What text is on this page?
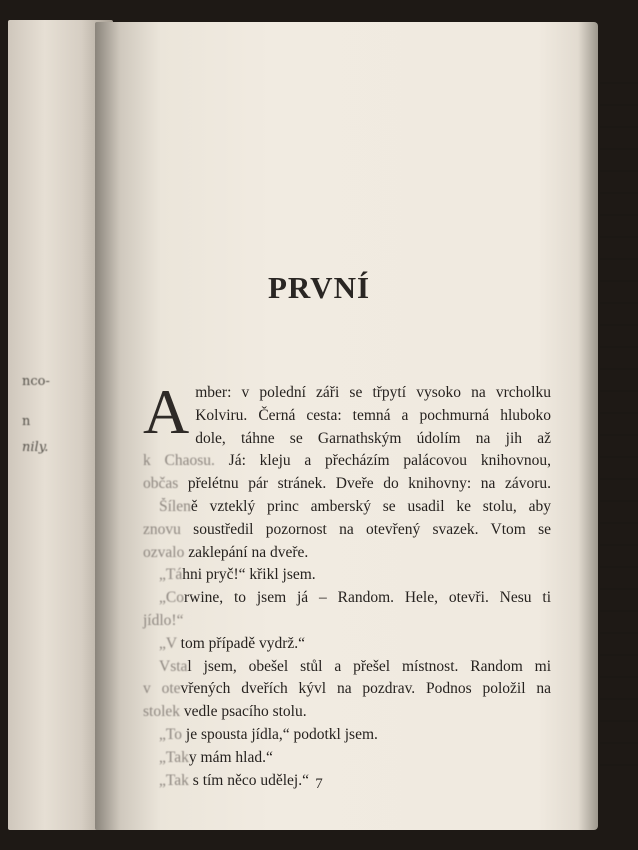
nco-
n
nily.
PRVNÍ
A mber: v polední záři se třpytí vysoko na vrcholku
Kolviru. Černá cesta: temná a pochmurná hluboko
dole, táhne se Garnathským údolím na jih až
k Chaosu. Já: kleju a přecházím palácovou knihovnou,
občas přelétnu pár stránek. Dveře do knihovny: na závoru.
Šíleně vzteklý princ amberský se usadil ke stolu, aby
znovu soustředil pozornost na otevřený svazek. Vtom se
ozvalo zaklepání na dveře.
„Táhni pryč!“ křikl jsem.
„Corwine, to jsem já – Random. Hele, otevři. Nesu ti
jídlo!“
„V tom případě vydrž.“
Vstal jsem, obešel stůl a přešel místnost. Random mi
v otevřených dveřích kývl na pozdrav. Podnos položil na
stolek vedle psacího stolu.
„To je spousta jídla,“ podotkl jsem.
„Taky mám hlad.“
„Tak s tím něco udělej.“ 7
